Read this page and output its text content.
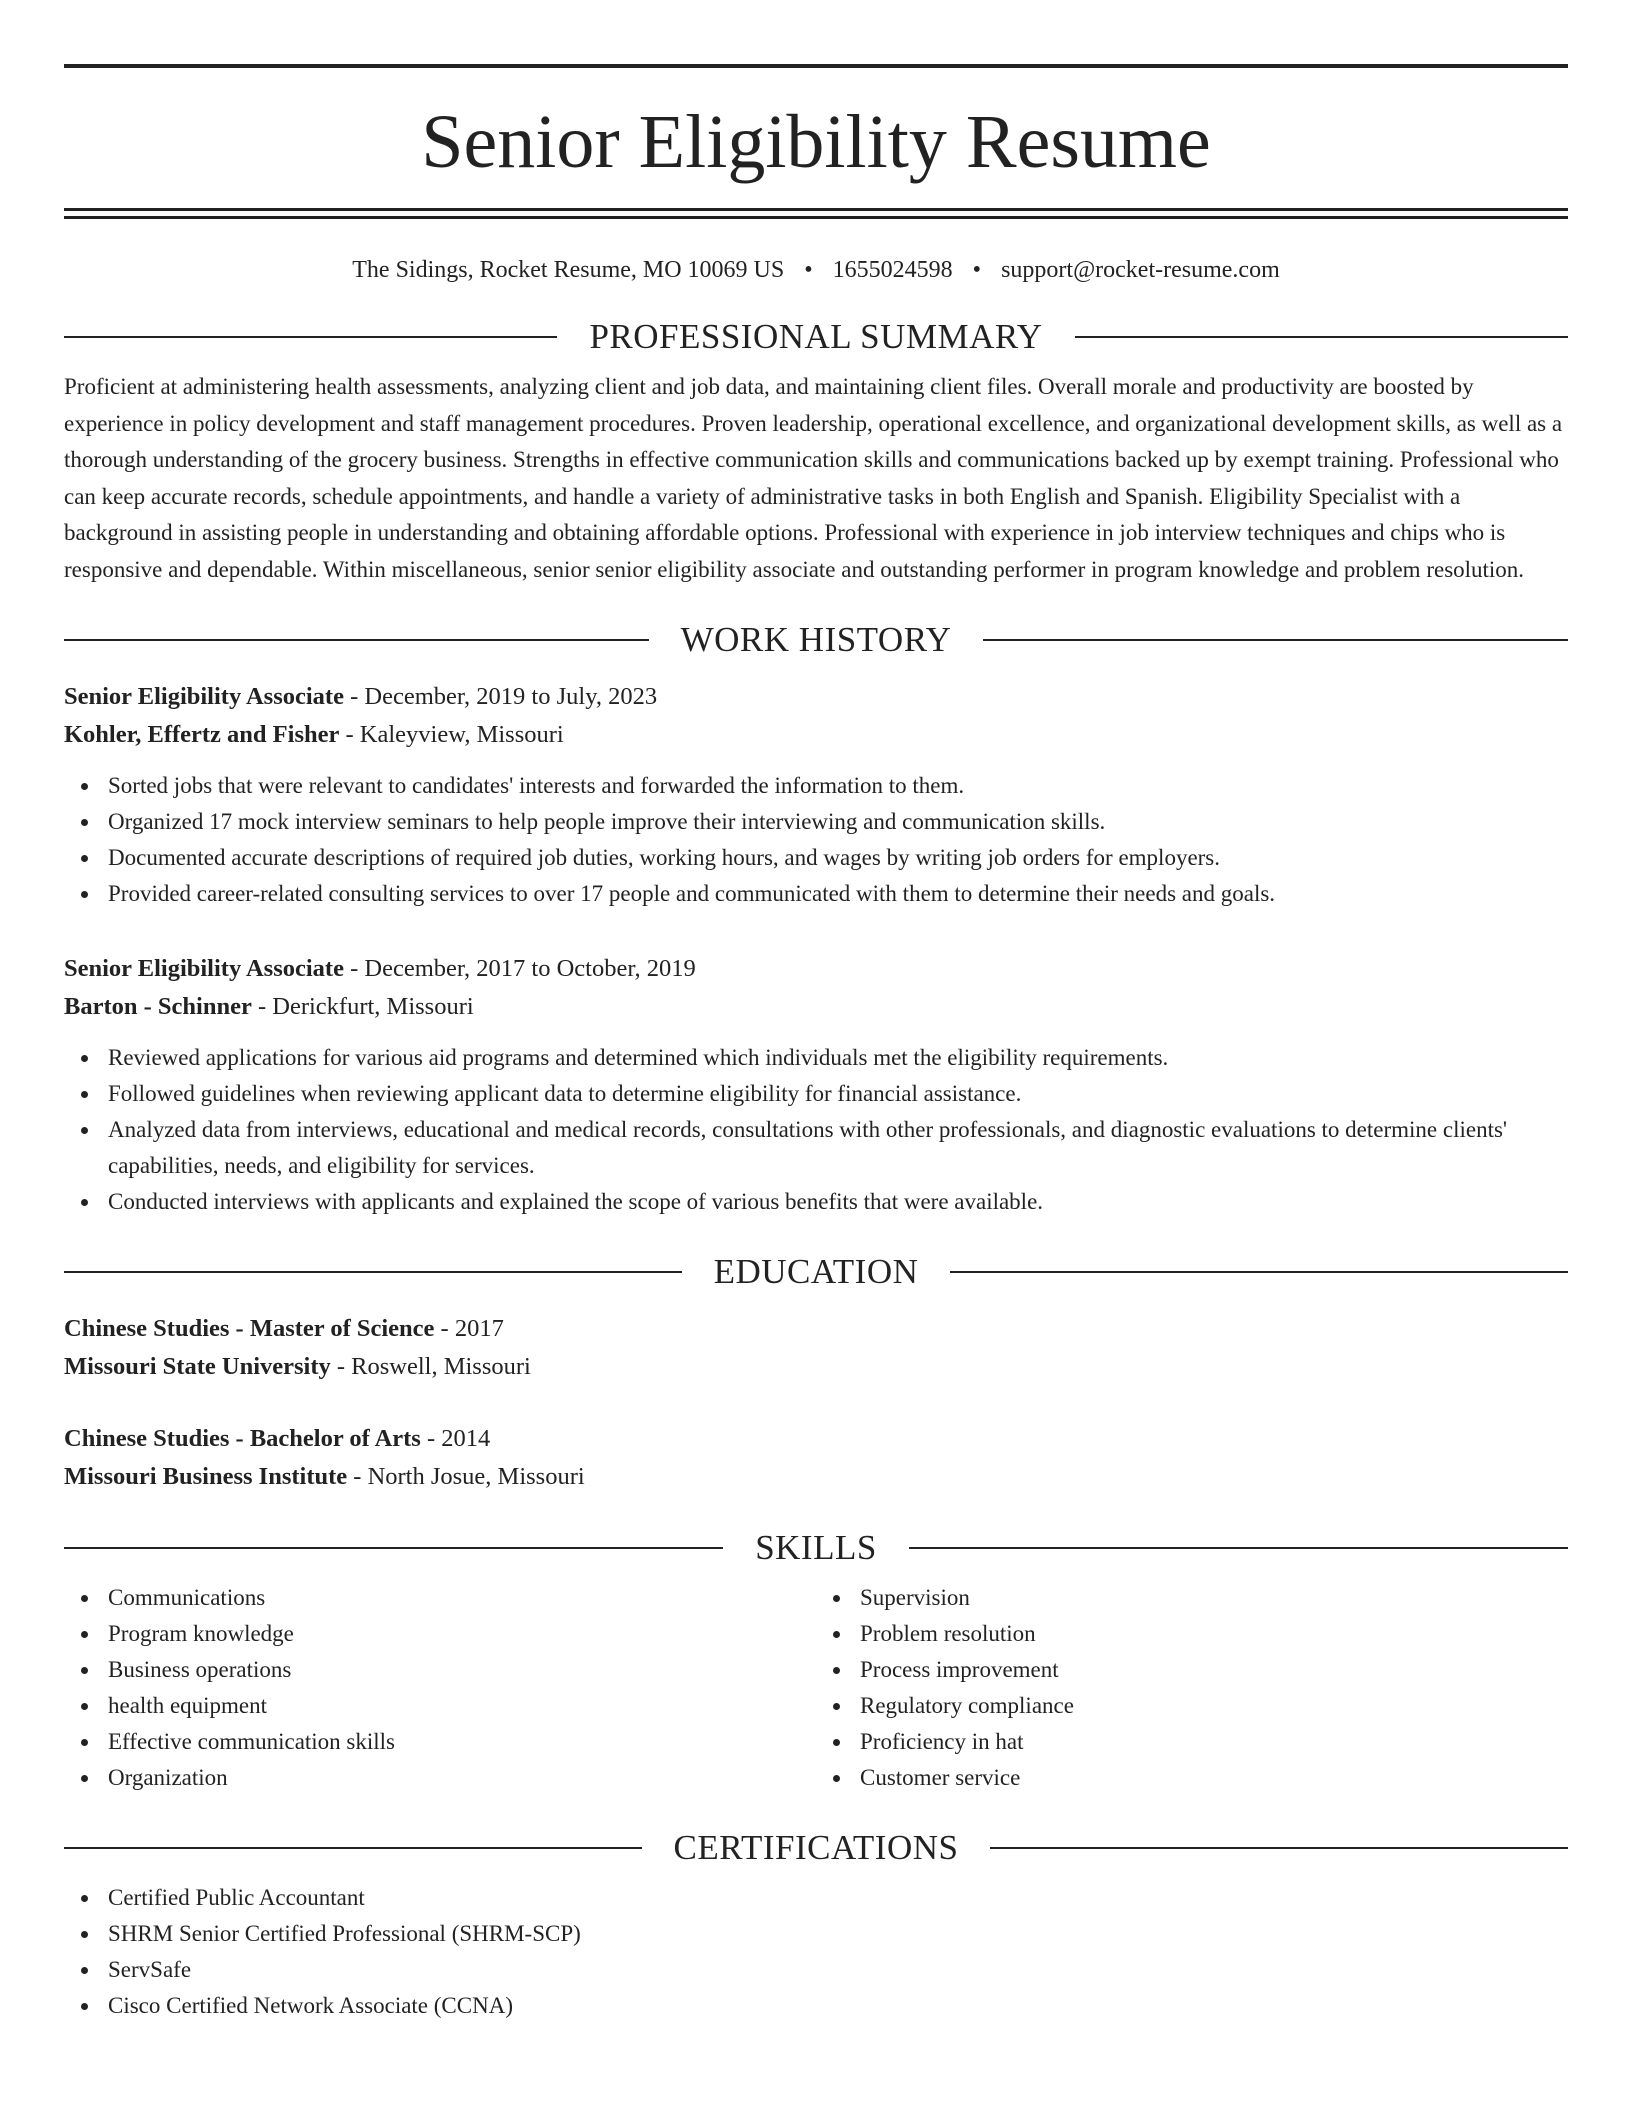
Senior Eligibility Resume
The Sidings, Rocket Resume, MO 10069 US • 1655024598 • support@rocket-resume.com
PROFESSIONAL SUMMARY

Proficient at administering health assessments, analyzing client and job data, and maintaining client files. Overall morale and productivity are boosted by experience in policy development and staff management procedures. Proven leadership, operational excellence, and organizational development skills, as well as a thorough understanding of the grocery business. Strengths in effective communication skills and communications backed up by exempt training. Professional who can keep accurate records, schedule appointments, and handle a variety of administrative tasks in both English and Spanish. Eligibility Specialist with a background in assisting people in understanding and obtaining affordable options. Professional with experience in job interview techniques and chips who is responsive and dependable. Within miscellaneous, senior senior eligibility associate and outstanding performer in program knowledge and problem resolution.

WORK HISTORY
Senior Eligibility Associate - December, 2019 to July, 2023
Kohler, Effertz and Fisher - Kaleyview, Missouri
Sorted jobs that were relevant to candidates' interests and forwarded the information to them.
Organized 17 mock interview seminars to help people improve their interviewing and communication skills.
Documented accurate descriptions of required job duties, working hours, and wages by writing job orders for employers.
Provided career-related consulting services to over 17 people and communicated with them to determine their needs and goals.
Senior Eligibility Associate - December, 2017 to October, 2019
Barton - Schinner - Derickfurt, Missouri
Reviewed applications for various aid programs and determined which individuals met the eligibility requirements.
Followed guidelines when reviewing applicant data to determine eligibility for financial assistance.
Analyzed data from interviews, educational and medical records, consultations with other professionals, and diagnostic evaluations to determine clients' capabilities, needs, and eligibility for services.
Conducted interviews with applicants and explained the scope of various benefits that were available.
EDUCATION
Chinese Studies - Master of Science - 2017
Missouri State University - Roswell, Missouri
Chinese Studies - Bachelor of Arts - 2014
Missouri Business Institute - North Josue, Missouri
SKILLS
Communications
Program knowledge
Business operations
health equipment
Effective communication skills
Organization
Supervision
Problem resolution
Process improvement
Regulatory compliance
Proficiency in hat
Customer service
CERTIFICATIONS
Certified Public Accountant
SHRM Senior Certified Professional (SHRM-SCP)
ServSafe
Cisco Certified Network Associate (CCNA)
